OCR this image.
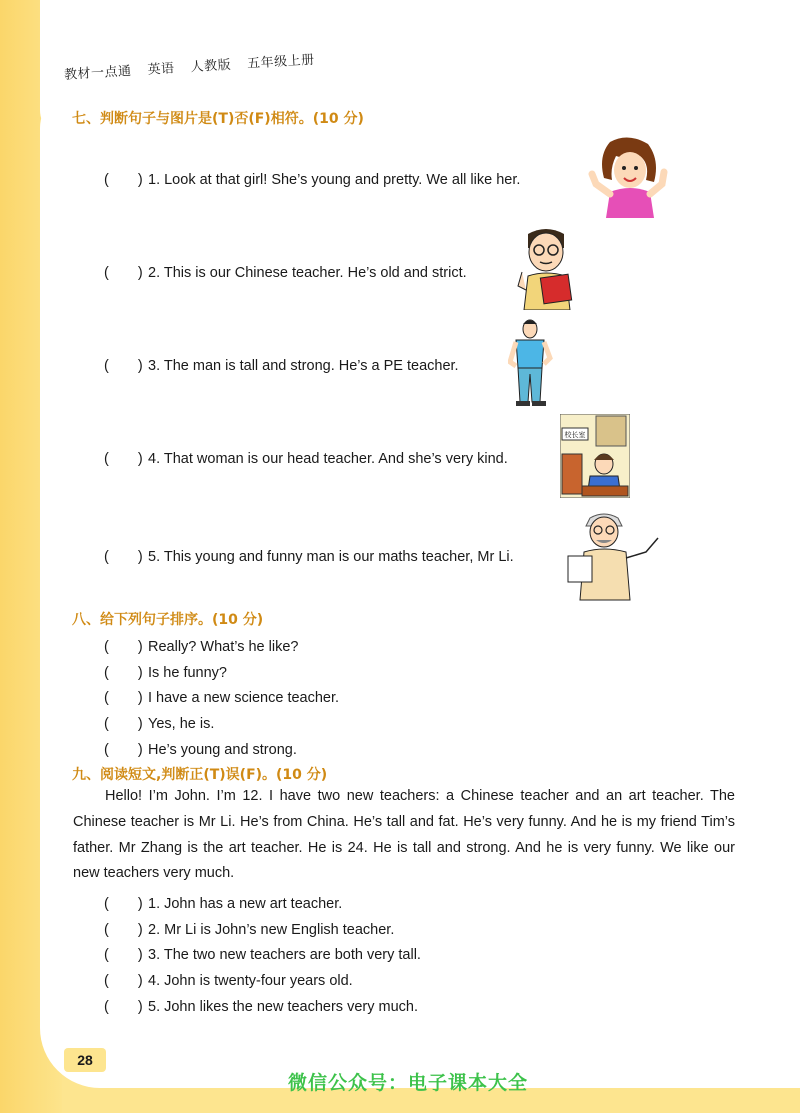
教材一点通 英语 人教版 五年级上册
七、判断句子与图片是(T)否(F)相符。(10 分)
(　　) 1. Look at that girl! She’s young and pretty. We all like her.
(　　) 2. This is our Chinese teacher. He’s old and strict.
(　　) 3. The man is tall and strong. He’s a PE teacher.
(　　) 4. That woman is our head teacher. And she’s very kind.
(　　) 5. This young and funny man is our maths teacher, Mr Li.
校长室
八、给下列句子排序。(10 分)
(　　) Really? What’s he like?
(　　) Is he funny?
(　　) I have a new science teacher.
(　　) Yes, he is.
(　　) He’s young and strong.
九、阅读短文,判断正(T)误(F)。(10 分)
Hello! I’m John. I’m 12. I have two new teachers: a Chinese teacher and an art teacher. The Chinese teacher is Mr Li. He’s from China. He’s tall and fat. He’s very funny. And he is my friend Tim’s father. Mr Zhang is the art teacher. He is 24. He is tall and strong. And he is very funny. We like our new teachers very much.
(　　) 1. John has a new art teacher.
(　　) 2. Mr Li is John’s new English teacher.
(　　) 3. The two new teachers are both very tall.
(　　) 4. John is twenty-four years old.
(　　) 5. John likes the new teachers very much.
28
微信公众号：电子课本大全
